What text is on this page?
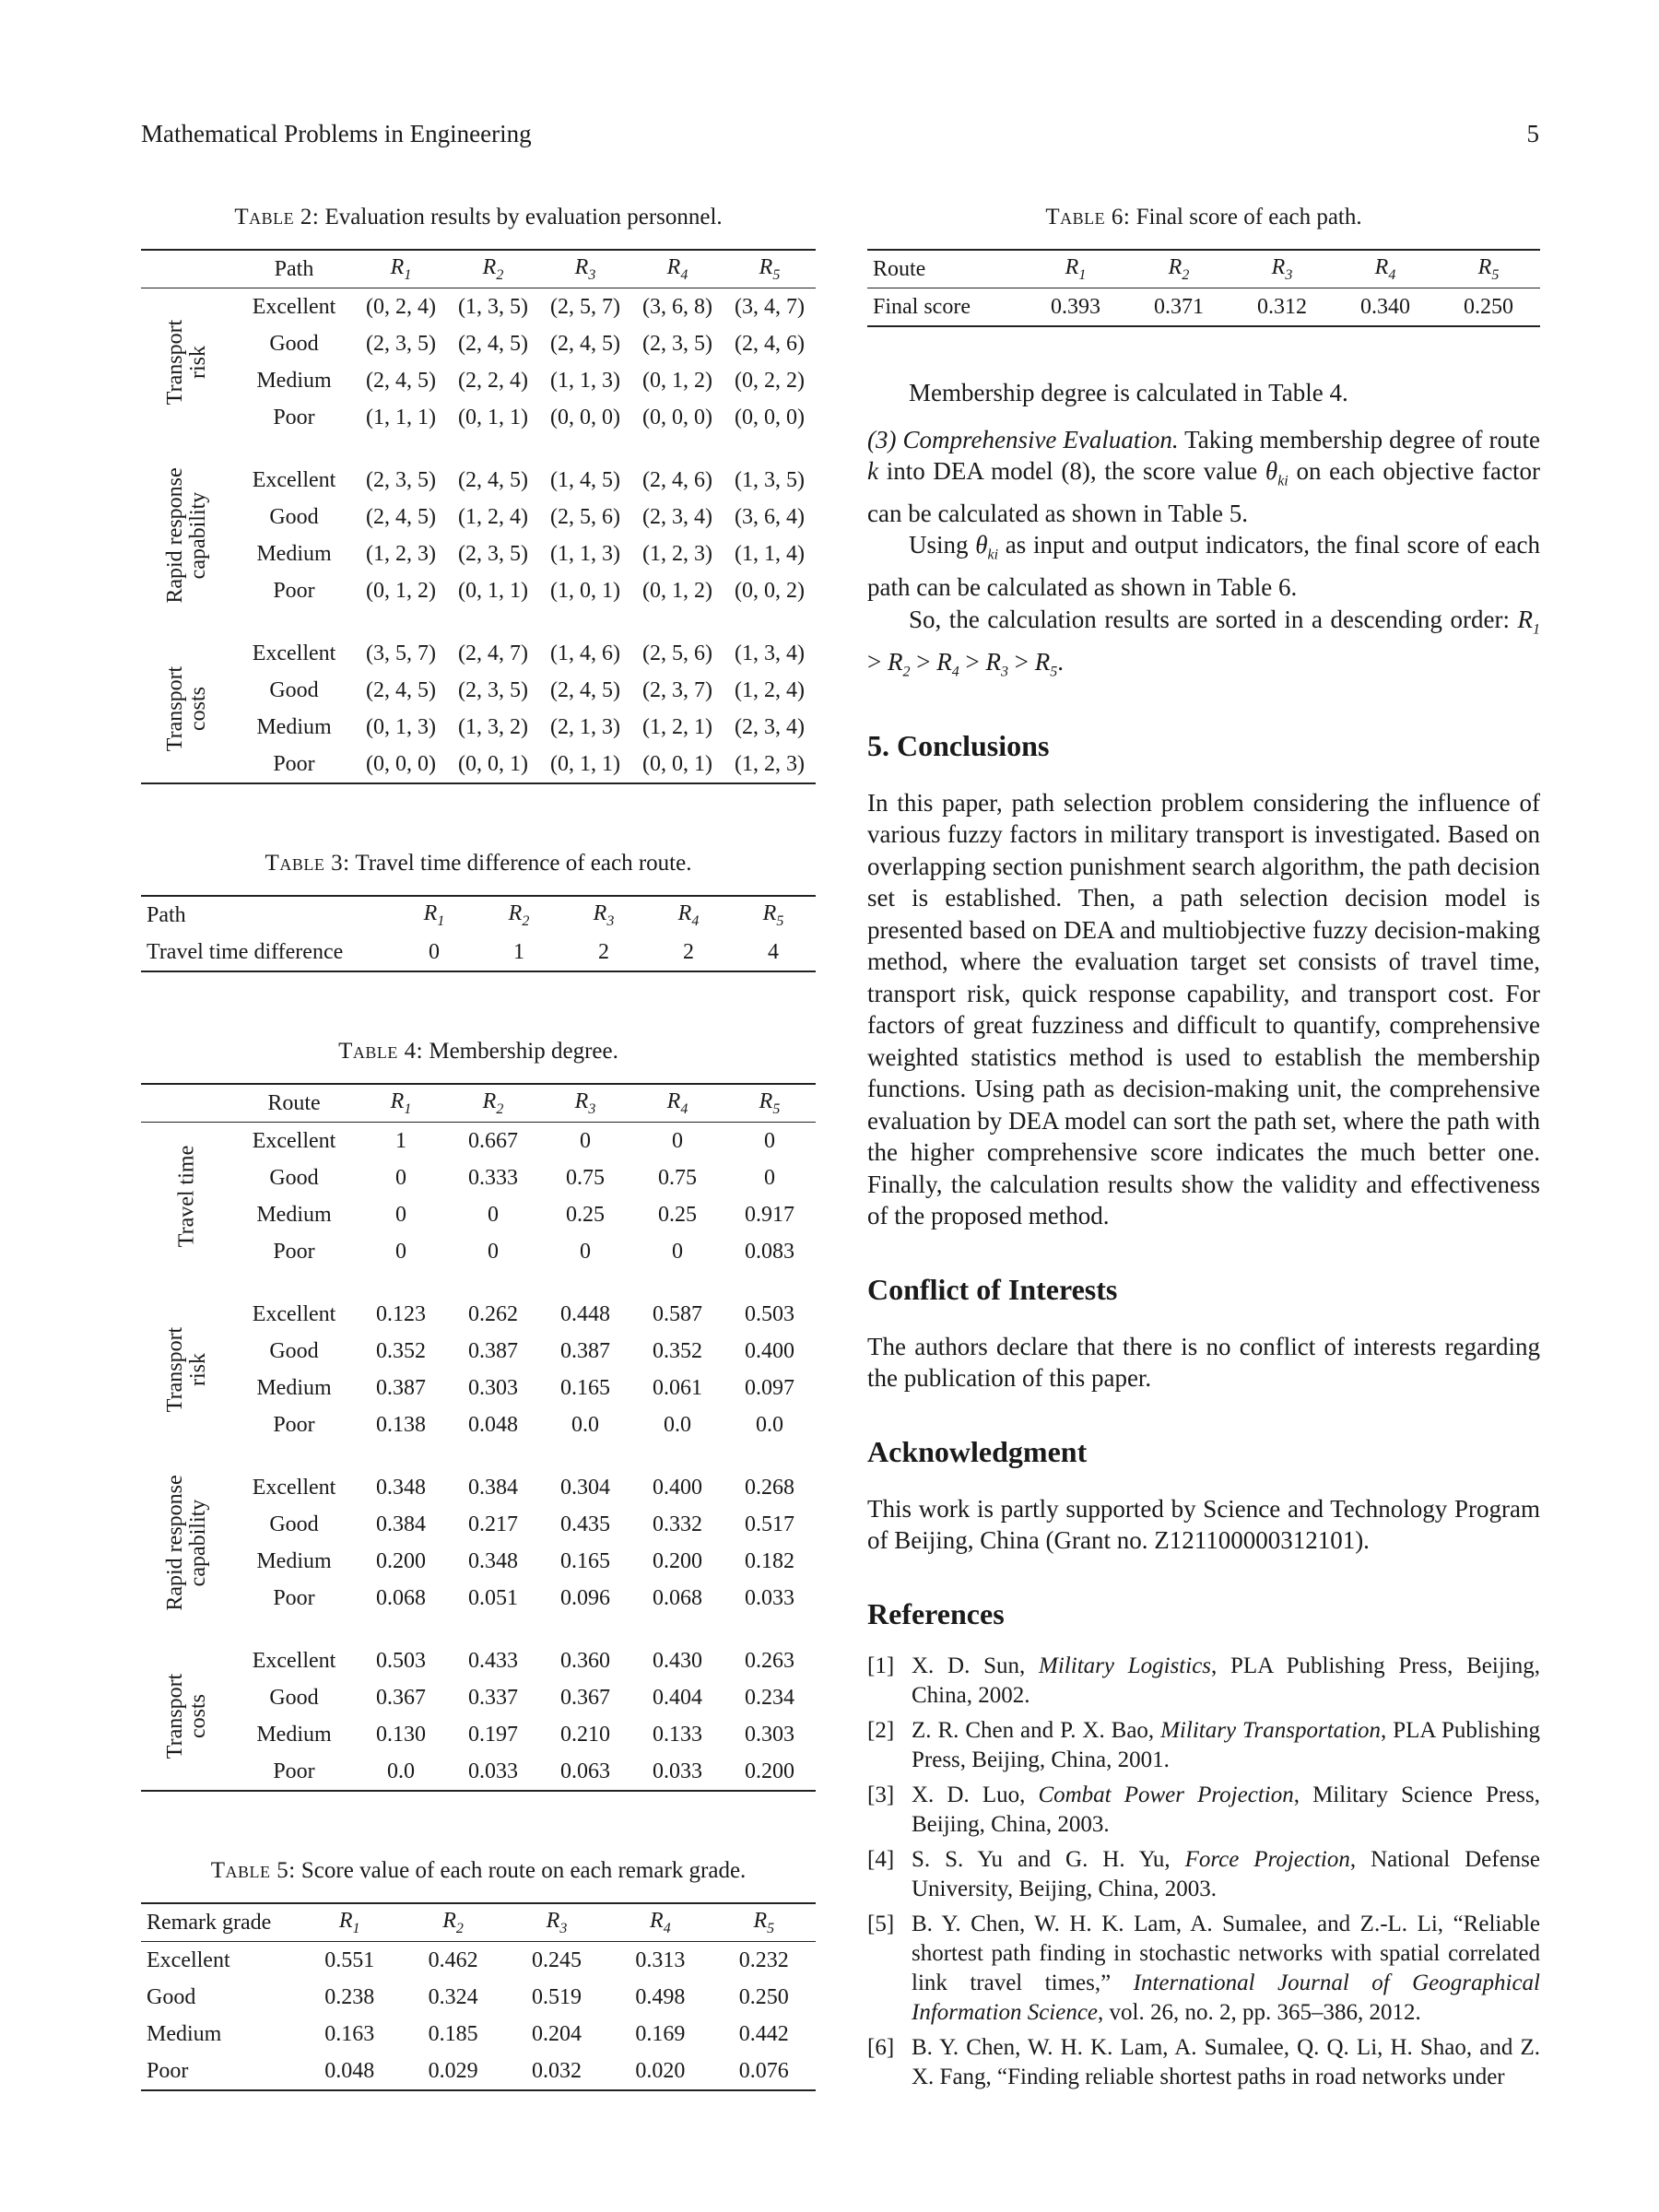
Mathematical Problems in Engineering	5

Table 2: Evaluation results by evaluation personnel.

	Path	$R_1$	$R_2$	$R_3$	$R_4$	$R_5$

Transport
risk	Excellent	(0, 2, 4)	(1, 3, 5)	(2, 5, 7)	(3, 6, 8)	(3, 4, 7)
	Good	(2, 3, 5)	(2, 4, 5)	(2, 4, 5)	(2, 3, 5)	(2, 4, 6)
	Medium	(2, 4, 5)	(2, 2, 4)	(1, 1, 3)	(0, 1, 2)	(0, 2, 2)
	Poor	(1, 1, 1)	(0, 1, 1)	(0, 0, 0)	(0, 0, 0)	(0, 0, 0)

Rapid response
capability	Excellent	(2, 3, 5)	(2, 4, 5)	(1, 4, 5)	(2, 4, 6)	(1, 3, 5)
	Good	(2, 4, 5)	(1, 2, 4)	(2, 5, 6)	(2, 3, 4)	(3, 6, 4)
	Medium	(1, 2, 3)	(2, 3, 5)	(1, 1, 3)	(1, 2, 3)	(1, 1, 4)
	Poor	(0, 1, 2)	(0, 1, 1)	(1, 0, 1)	(0, 1, 2)	(0, 0, 2)

Transport
costs	Excellent	(3, 5, 7)	(2, 4, 7)	(1, 4, 6)	(2, 5, 6)	(1, 3, 4)
	Good	(2, 4, 5)	(2, 3, 5)	(2, 4, 5)	(2, 3, 7)	(1, 2, 4)
	Medium	(0, 1, 3)	(1, 3, 2)	(2, 1, 3)	(1, 2, 1)	(2, 3, 4)
	Poor	(0, 0, 0)	(0, 0, 1)	(0, 1, 1)	(0, 0, 1)	(1, 2, 3)

Table 3: Travel time difference of each route.

Path	$R_1$	$R_2$	$R_3$	$R_4$	$R_5$
Travel time difference	0	1	2	2	4

Table 4: Membership degree.

	Route	$R_1$	$R_2$	$R_3$	$R_4$	$R_5$

Travel time	Excellent	1	0.667	0	0	0
	Good	0	0.333	0.75	0.75	0
	Medium	0	0	0.25	0.25	0.917
	Poor	0	0	0	0	0.083

Transport
risk	Excellent	0.123	0.262	0.448	0.587	0.503
	Good	0.352	0.387	0.387	0.352	0.400
	Medium	0.387	0.303	0.165	0.061	0.097
	Poor	0.138	0.048	0.0	0.0	0.0

Rapid response
capability	Excellent	0.348	0.384	0.304	0.400	0.268
	Good	0.384	0.217	0.435	0.332	0.517
	Medium	0.200	0.348	0.165	0.200	0.182
	Poor	0.068	0.051	0.096	0.068	0.033

Transport
costs	Excellent	0.503	0.433	0.360	0.430	0.263
	Good	0.367	0.337	0.367	0.404	0.234
	Medium	0.130	0.197	0.210	0.133	0.303
	Poor	0.0	0.033	0.063	0.033	0.200

Table 5: Score value of each route on each remark grade.

Remark grade	$R_1$	$R_2$	$R_3$	$R_4$	$R_5$
Excellent	0.551	0.462	0.245	0.313	0.232
Good	0.238	0.324	0.519	0.498	0.250
Medium	0.163	0.185	0.204	0.169	0.442
Poor	0.048	0.029	0.032	0.020	0.076

Table 6: Final score of each path.

Route	$R_1$	$R_2$	$R_3$	$R_4$	$R_5$
Final score	0.393	0.371	0.312	0.340	0.250

Membership degree is calculated in Table 4.

(3) Comprehensive Evaluation. Taking membership degree of route k into DEA model (8), the score value $\theta_{ki}$ on each objective factor can be calculated as shown in Table 5.

Using $\theta_{ki}$ as input and output indicators, the final score of each path can be calculated as shown in Table 6.

So, the calculation results are sorted in a descending order: $R_1 > R_2 > R_4 > R_3 > R_5$.

5. Conclusions

In this paper, path selection problem considering the influence of various fuzzy factors in military transport is investigated. Based on overlapping section punishment search algorithm, the path decision set is established. Then, a path selection decision model is presented based on DEA and multiobjective fuzzy decision-making method, where the evaluation target set consists of travel time, transport risk, quick response capability, and transport cost. For factors of great fuzziness and difficult to quantify, comprehensive weighted statistics method is used to establish the membership functions. Using path as decision-making unit, the comprehensive evaluation by DEA model can sort the path set, where the path with the higher comprehensive score indicates the much better one. Finally, the calculation results show the validity and effectiveness of the proposed method.

Conflict of Interests

The authors declare that there is no conflict of interests regarding the publication of this paper.

Acknowledgment

This work is partly supported by Science and Technology Program of Beijing, China (Grant no. Z121100000312101).

References
[1] X. D. Sun, Military Logistics, PLA Publishing Press, Beijing, China, 2002.
[2] Z. R. Chen and P. X. Bao, Military Transportation, PLA Publishing Press, Beijing, China, 2001.
[3] X. D. Luo, Combat Power Projection, Military Science Press, Beijing, China, 2003.
[4] S. S. Yu and G. H. Yu, Force Projection, National Defense University, Beijing, China, 2003.
[5] B. Y. Chen, W. H. K. Lam, A. Sumalee, and Z.-L. Li, “Reliable shortest path finding in stochastic networks with spatial correlated link travel times,” International Journal of Geographical Information Science, vol. 26, no. 2, pp. 365–386, 2012.
[6] B. Y. Chen, W. H. K. Lam, A. Sumalee, Q. Q. Li, H. Shao, and Z. X. Fang, “Finding reliable shortest paths in road networks under
